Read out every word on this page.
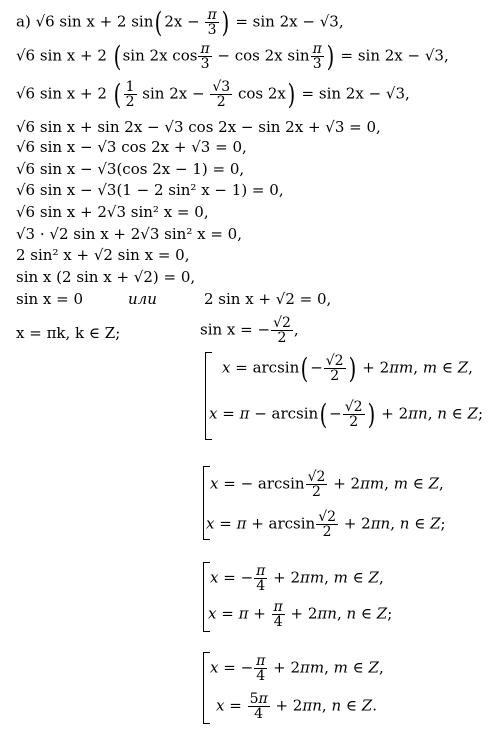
a) √6 sin x + 2 sin( $2x - \frac{\pi}{3}$ ) = sin 2x − √3,
√6 sin x + 2 ( sin 2x $\cos \frac{\pi}{3} - \cos 2x$ $\sin \frac{\pi}{3}$ ) = sin 2x − √3,
√6 sin x + 2 ( $\frac{1}{2}$ $\sin 2x - \frac{√3}{2}$ cos 2x) = sin 2x − √3,
√6 sin x + sin 2x − √3 cos 2x − sin 2x + √3 = 0,
√6 sin x − √3 cos 2x + √3 = 0,
√6 sin x − √3(cos 2x − 1) = 0,
√6 sin x − √3(1 − 2 sin² x − 1) = 0,
√6 sin x + 2√3 sin² x = 0,
√3 · √2 sin x + 2√3 sin² x = 0,
2 sin² x + √2 sin x = 0,
sin x (2 sin x + √2) = 0,
sin x = 0	или	2 sin x + √2 = 0,
x = πk, k ∈ Z;	sin x = − $\frac{√2}{2}$ ,
$x = \arcsin( - \frac{√2}{2}$ ) + 2πm, m ∈ Z,
$x = \pi - \arcsin( - \frac{√2}{2}$ ) + 2πn, n ∈ Z;
x = − $\arcsin \frac{√2}{2} + 2\pi m$, m ∈ Z,
$x = \pi + \arcsin \frac{√2}{2} + 2\pi n$, n ∈ Z;
x = − $\frac{\pi}{4} + 2\pi m$, m ∈ Z,
$x = \pi + \frac{\pi}{4} + 2\pi n$, n ∈ Z;
x = − $\frac{\pi}{4} + 2\pi m$, m ∈ Z,
$x = \frac{5\pi}{4} + 2\pi n$, n ∈ Z.
